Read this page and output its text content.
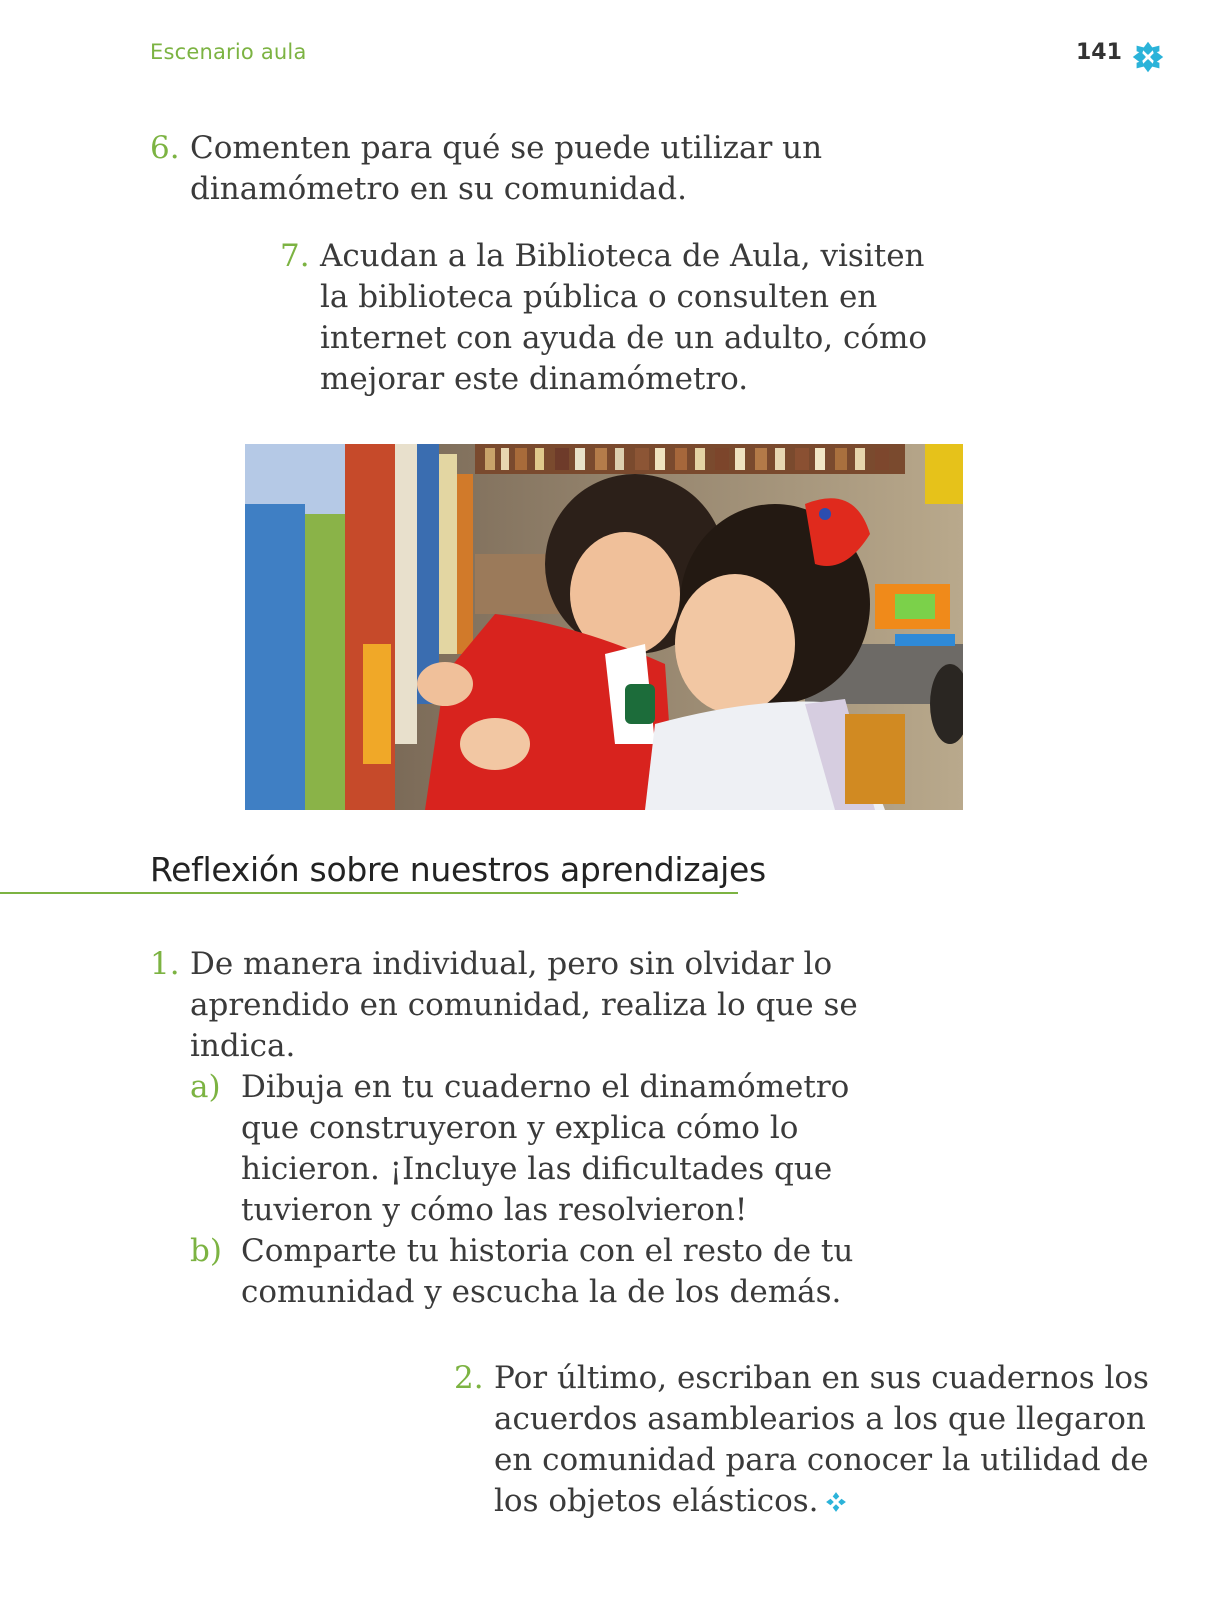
Escenario aula	141
6. Comenten para qué se puede utilizar un
dinamómetro en su comunidad.
7. Acudan a la Biblioteca de Aula, visiten
la biblioteca pública o consulten en
internet con ayuda de un adulto, cómo
mejorar este dinamómetro.
Reflexión sobre nuestros aprendizajes
1. De manera individual, pero sin olvidar lo
aprendido en comunidad, realiza lo que se
indica.
a) Dibuja en tu cuaderno el dinamómetro
que construyeron y explica cómo lo
hicieron. ¡Incluye las dificultades que
tuvieron y cómo las resolvieron!
b) Comparte tu historia con el resto de tu
comunidad y escucha la de los demás.
2. Por último, escriban en sus cuadernos los
acuerdos asamblearios a los que llegaron
en comunidad para conocer la utilidad de
los objetos elásticos.
